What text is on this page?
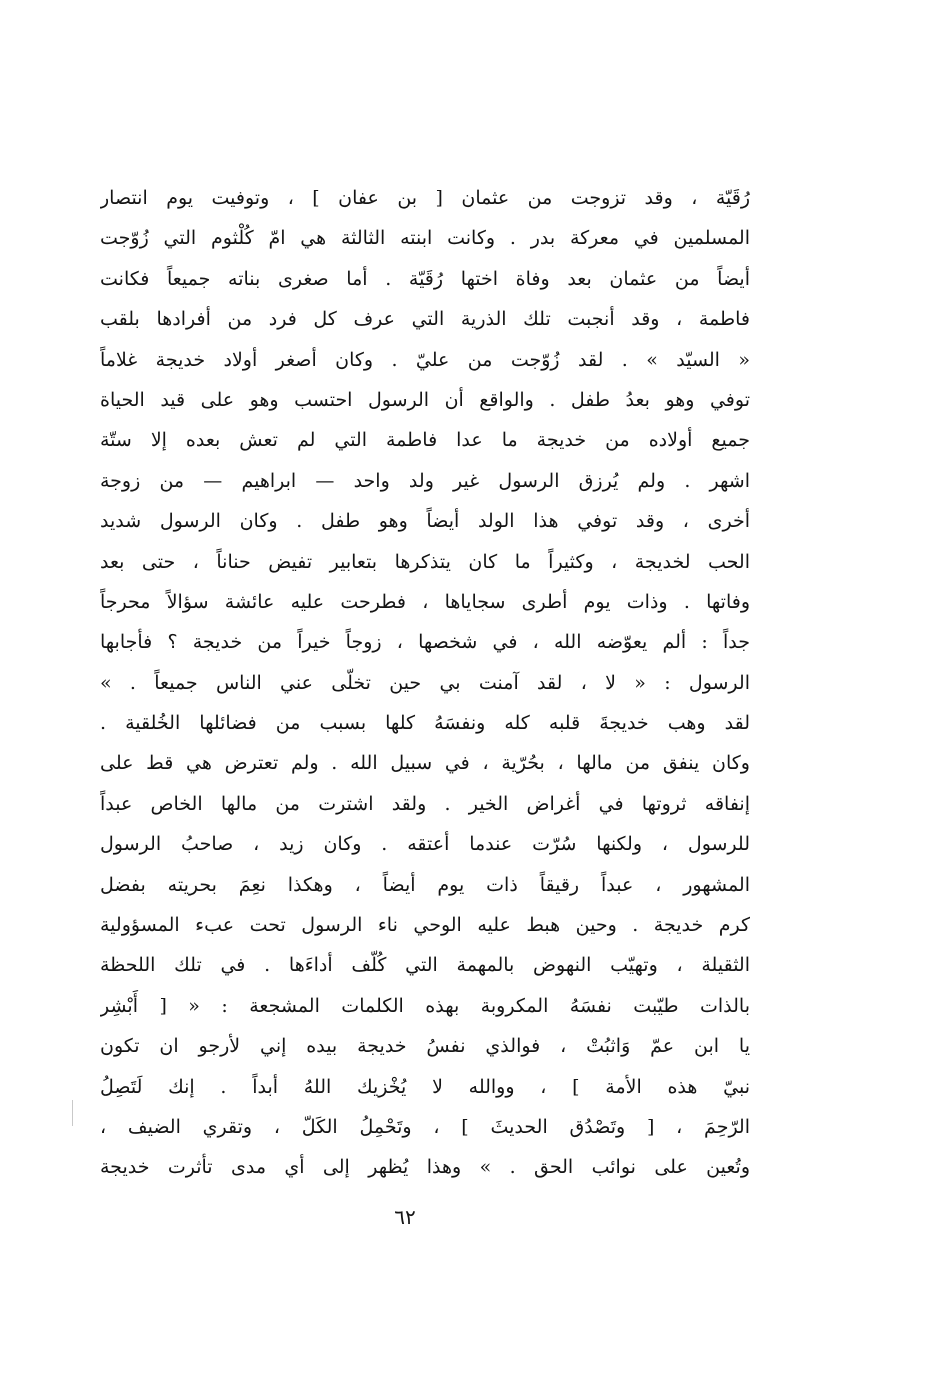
رُقَيّة ، وقد تزوجت من عثمان [ بن عفان ] ، وتوفيت يوم انتصار
المسلمين في معركة بدر . وكانت ابنته الثالثة هي امّ كُلْثوم التي زُوّجت
أيضاً من عثمان بعد وفاة اختها رُقَيّة . أما صغرى بناته جميعاً فكانت
فاطمة ، وقد أنجبت تلك الذرية التي عرف كل فرد من أفرادها بلقب
« السيّد » . لقد زُوّجت من عليّ . وكان أصغر أولاد خديجة غلاماً
توفي وهو بعدُ طفل . والواقع أن الرسول احتسب وهو على قيد الحياة
جميع أولاده من خديجة ما عدا فاطمة التي لم تعش بعده إلا ستّة
اشهر . ولم يُرزق الرسول غير ولد واحد — ابراهيم — من زوجة
أخرى ، وقد توفي هذا الولد أيضاً وهو طفل . وكان الرسول شديد
الحب لخديجة ، وكثيراً ما كان يتذكرها بتعابير تفيض حناناً ، حتى بعد
وفاتها . وذات يوم أطرى سجاياها ، فطرحت عليه عائشة سؤالاً محرجاً
جداً : ألم يعوّضه الله ، في شخصها ، زوجاً خيراً من خديجة ؟ فأجابها
الرسول : « لا ، لقد آمنت بي حين تخلّى عني الناس جميعاً . »
لقد وهب خديجةَ قلبه كله ونفسَهُ كلها بسبب من فضائلها الخُلقية .
وكان ينفق من مالها ، بحُرّية ، في سبيل الله . ولم تعترض هي قط على
إنفاقه ثروتها في أغراض الخير . ولقد اشترت من مالها الخاص عبداً
للرسول ، ولكنها سُرّت عندما أعتقه . وكان زيد ، صاحبُ الرسول
المشهور ، عبداً رقيقاً ذات يوم أيضاً ، وهكذا نعِمَ بحريته بفضل
كرم خديجة . وحين هبط عليه الوحي ناء الرسول تحت عبء المسؤولية
الثقيلة ، وتهيّب النهوض بالمهمة التي كُلّف أداءَها . في تلك اللحظة
بالذات طيّبت نفسَهُ المكروبة بهذه الكلمات المشجعة : « [ أَبْشِر
يا ابن عمّ وَاثبُتْ ، فوالذي نفسُ خديجة بيده إني لأرجو ان تكون
نبيّ هذه الأمة ] ، ووالله لا يُخْزيك اللهُ أبداً . إنك لَتَصِلُ
الرّحِمَ ، [ وتَصْدُق الحديثَ ] ، وتَحْمِلُ الكَلّ ، وتقري الضيف ،
وتُعين على نوائب الحق . » وهذا يُظهر إلى أي مدى تأثرت خديجة
٦٢
